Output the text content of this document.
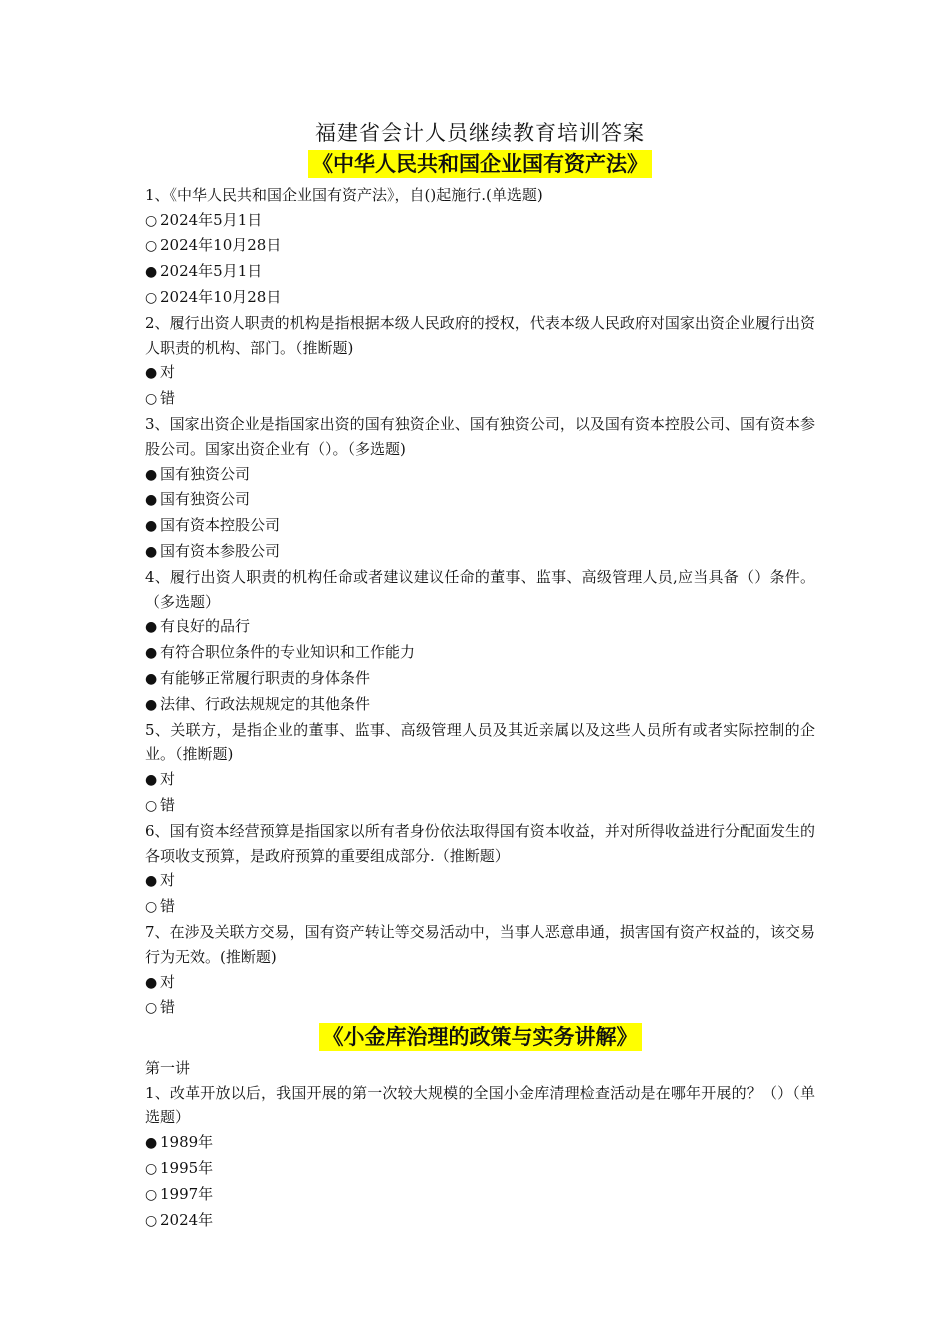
福建省会计人员继续教育培训答案
《中华人民共和国企业国有资产法》

1、《中华人民共和国企业国有资产法》，自()起施行.(单选题)

○ 2024年5月1日

○ 2024年10月28日

● 2024年5月1日

○ 2024年10月28日

2、履行出资人职责的机构是指根据本级人民政府的授权，代表本级人民政府对国家出资企业履行出资人职责的机构、部门。（推断题)

● 对

○ 错

3、国家出资企业是指国家出资的国有独资企业、国有独资公司，以及国有资本控股公司、国有资本参股公司。国家出资企业有（）。（多选题)

● 国有独资公司

● 国有独资公司

● 国有资本控股公司

● 国有资本参股公司

4、履行出资人职责的机构任命或者建议建议任命的董事、监事、高级管理人员,应当具备（）条件。（多选题）

● 有良好的品行

● 有符合职位条件的专业知识和工作能力

● 有能够正常履行职责的身体条件

● 法律、行政法规规定的其他条件

5、关联方，是指企业的董事、监事、高级管理人员及其近亲属以及这些人员所有或者实际控制的企业。（推断题)

● 对

○ 错

6、国有资本经营预算是指国家以所有者身份依法取得国有资本收益，并对所得收益进行分配面发生的各项收支预算，是政府预算的重要组成部分.（推断题）

● 对

○ 错

7、在涉及关联方交易，国有资产转让等交易活动中，当事人恶意串通，损害国有资产权益的，该交易行为无效。(推断题)

● 对

○ 错

《小金库治理的政策与实务讲解》

第一讲

1、改革开放以后，我国开展的第一次较大规模的全国小金库清理检查活动是在哪年开展的？（）（单选题）

● 1989年

○ 1995年

○ 1997年

○ 2024年
